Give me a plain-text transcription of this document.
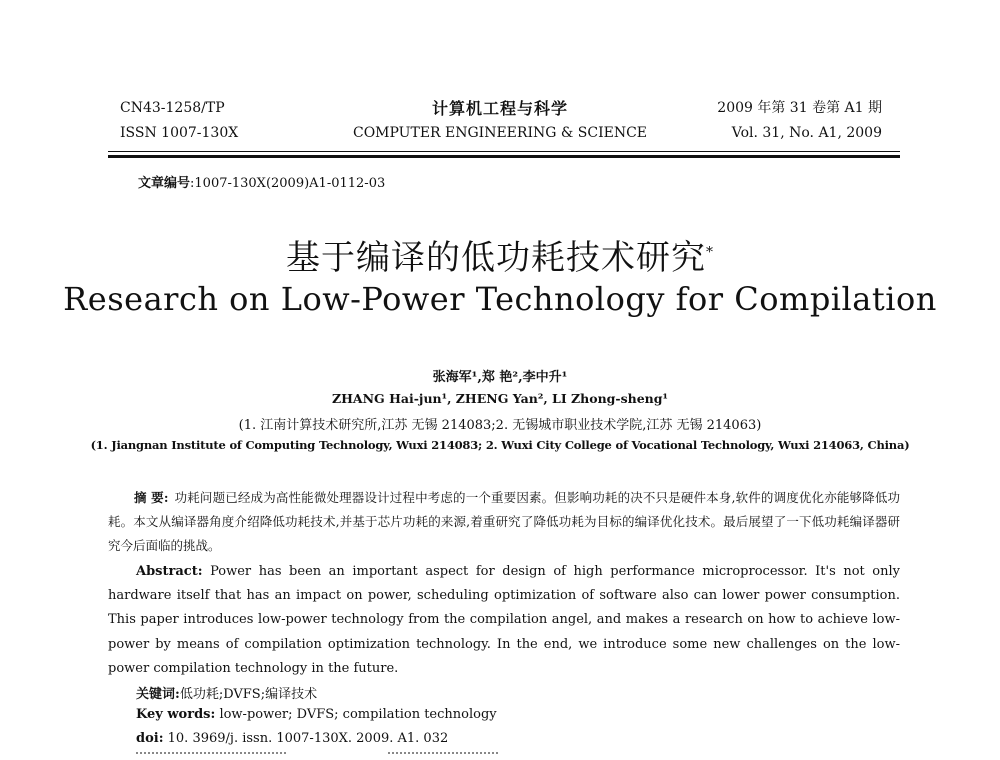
CN43-1258/TP
ISSN 1007-130X
计算机工程与科学
COMPUTER ENGINEERING & SCIENCE
2009 年第 31 卷第 A1 期
Vol. 31, No. A1, 2009
文章编号:1007-130X(2009)A1-0112-03
基于编译的低功耗技术研究*
Research on Low-Power Technology for Compilation
张海军¹,郑 艳²,李中升¹
ZHANG Hai-jun¹, ZHENG Yan², LI Zhong-sheng¹
(1. 江南计算技术研究所,江苏 无锡 214083;2. 无锡城市职业技术学院,江苏 无锡 214063)
(1. Jiangnan Institute of Computing Technology, Wuxi 214083; 2. Wuxi City College of Vocational Technology, Wuxi 214063, China)
摘 要: 功耗问题已经成为高性能微处理器设计过程中考虑的一个重要因素。但影响功耗的决不只是硬件本身,软件的调度优化亦能够降低功耗。本文从编译器角度介绍降低功耗技术,并基于芯片功耗的来源,着重研究了降低功耗为目标的编译优化技术。最后展望了一下低功耗编译器研究今后面临的挑战。
Abstract: Power has been an important aspect for design of high performance microprocessor. It's not only hardware itself that has an impact on power, scheduling optimization of software also can lower power consumption. This paper introduces low-power technology from the compilation angel, and makes a research on how to achieve low-power by means of compilation optimization technology. In the end, we introduce some new challenges on the low-power compilation technology in the future.
关键词:低功耗;DVFS;编译技术
Key words: low-power; DVFS; compilation technology
doi: 10. 3969/j. issn. 1007-130X. 2009. A1. 032
